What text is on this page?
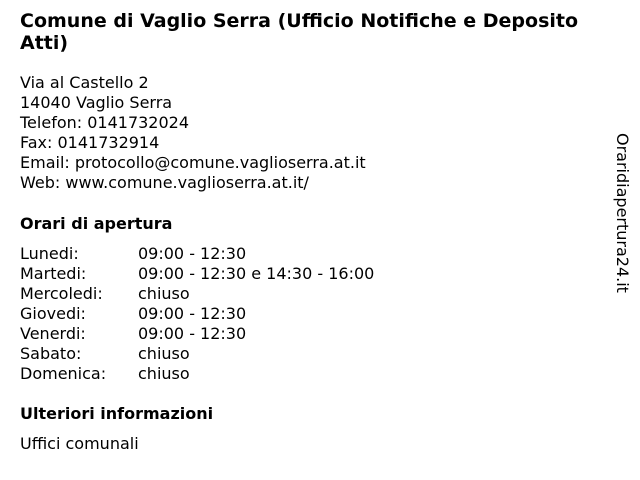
Comune di Vaglio Serra (Ufficio Notifiche e Deposito
Atti)
Via al Castello 2
14040 Vaglio Serra
Telefon: 0141732024
Fax: 0141732914
Email: protocollo@comune.vaglioserra.at.it
Web: www.comune.vaglioserra.at.it/
Orari di apertura
Lunedi:	09:00 - 12:30
Martedi:	09:00 - 12:30 e 14:30 - 16:00
Mercoledi: chiuso
Giovedi:	09:00 - 12:30
Venerdi:	09:00 - 12:30
Sabato:	chiuso
Domenica: chiuso
Ulteriori informazioni
Uffici comunali
Oraridiapertura24.it
